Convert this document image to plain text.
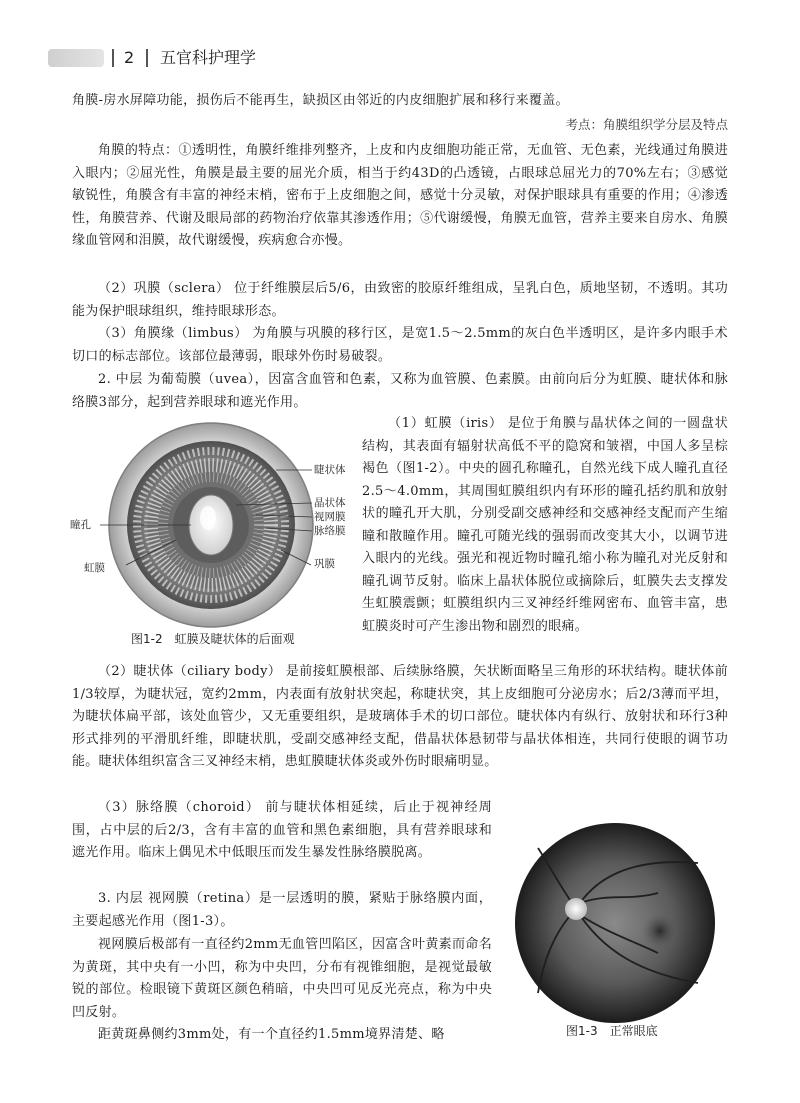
2 五官科护理学

角膜-房水屏障功能，损伤后不能再生，缺损区由邻近的内皮细胞扩展和移行来覆盖。

考点：角膜组织学分层及特点

角膜的特点：①透明性，角膜纤维排列整齐，上皮和内皮细胞功能正常，无血管、无色素，光线通过角膜进入眼内；②屈光性，角膜是最主要的屈光介质，相当于约43D的凸透镜，占眼球总屈光力的70%左右；③感觉敏锐性，角膜含有丰富的神经末梢，密布于上皮细胞之间，感觉十分灵敏，对保护眼球具有重要的作用；④渗透性，角膜营养、代谢及眼局部的药物治疗依靠其渗透作用；⑤代谢缓慢，角膜无血管，营养主要来自房水、角膜缘血管网和泪膜，故代谢缓慢，疾病愈合亦慢。

（2）巩膜（sclera） 位于纤维膜层后5/6，由致密的胶原纤维组成，呈乳白色，质地坚韧，不透明。其功能为保护眼球组织，维持眼球形态。

（3）角膜缘（limbus） 为角膜与巩膜的移行区，是宽1.5～2.5mm的灰白色半透明区，是许多内眼手术切口的标志部位。该部位最薄弱，眼球外伤时易破裂。

2. 中层 为葡萄膜（uvea），因富含血管和色素，又称为血管膜、色素膜。由前向后分为虹膜、睫状体和脉络膜3部分，起到营养眼球和遮光作用。

睫状体
晶状体
视网膜
脉络膜
瞳孔
虹膜	巩膜
图1-2　虹膜及睫状体的后面观

（1）虹膜（iris） 是位于角膜与晶状体之间的一圆盘状结构，其表面有辐射状高低不平的隐窝和皱褶，中国人多呈棕褐色（图1-2）。中央的圆孔称瞳孔，自然光线下成人瞳孔直径2.5～4.0mm，其周围虹膜组织内有环形的瞳孔括约肌和放射状的瞳孔开大肌，分别受副交感神经和交感神经支配而产生缩瞳和散瞳作用。瞳孔可随光线的强弱而改变其大小，以调节进入眼内的光线。强光和视近物时瞳孔缩小称为瞳孔对光反射和瞳孔调节反射。临床上晶状体脱位或摘除后，虹膜失去支撑发生虹膜震颤；虹膜组织内三叉神经纤维网密布、血管丰富，患虹膜炎时可产生渗出物和剧烈的眼痛。

（2）睫状体（ciliary body） 是前接虹膜根部、后续脉络膜，矢状断面略呈三角形的环状结构。睫状体前1/3较厚，为睫状冠，宽约2mm，内表面有放射状突起，称睫状突，其上皮细胞可分泌房水；后2/3薄而平坦，为睫状体扁平部，该处血管少，又无重要组织，是玻璃体手术的切口部位。睫状体内有纵行、放射状和环行3种形式排列的平滑肌纤维，即睫状肌，受副交感神经支配，借晶状体悬韧带与晶状体相连，共同行使眼的调节功能。睫状体组织富含三叉神经末梢，患虹膜睫状体炎或外伤时眼痛明显。

（3）脉络膜（choroid） 前与睫状体相延续，后止于视神经周围，占中层的后2/3，含有丰富的血管和黑色素细胞，具有营养眼球和遮光作用。临床上偶见术中低眼压而发生暴发性脉络膜脱离。

3. 内层 视网膜（retina）是一层透明的膜，紧贴于脉络膜内面，主要起感光作用（图1-3）。

视网膜后极部有一直径约2mm无血管凹陷区，因富含叶黄素而命名为黄斑，其中央有一小凹，称为中央凹，分布有视锥细胞，是视觉最敏锐的部位。检眼镜下黄斑区颜色稍暗，中央凹可见反光亮点，称为中央凹反射。

距黄斑鼻侧约3mm处，有一个直径约1.5mm境界清楚、略	图1-3　正常眼底
